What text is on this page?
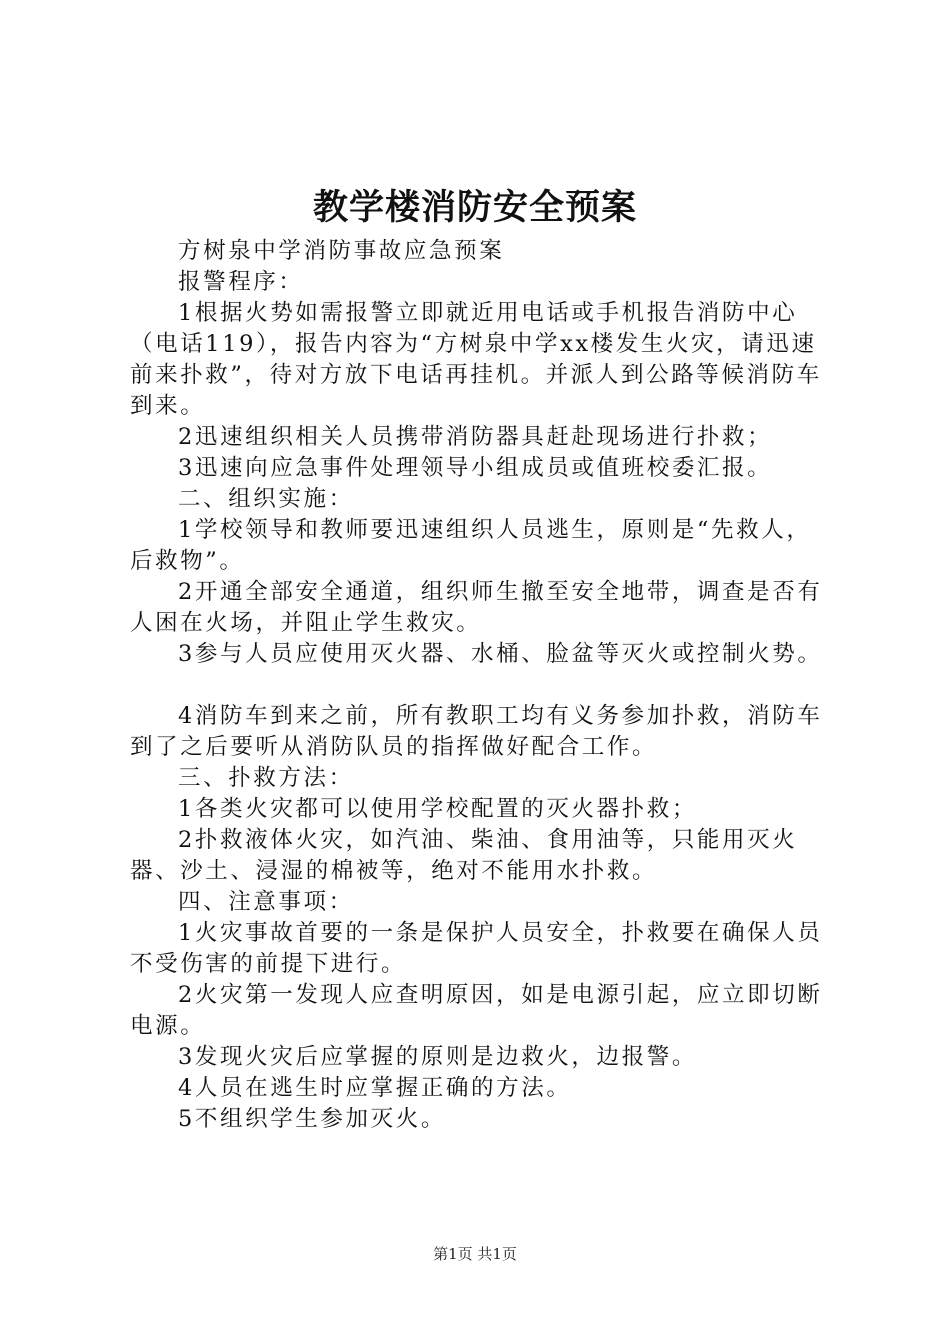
教学楼消防安全预案

方树泉中学消防事故应急预案

报警程序：

1根据火势如需报警立即就近用电话或手机报告消防中心（电话119），报告内容为“方树泉中学xx楼发生火灾，请迅速前来扑救”，待对方放下电话再挂机。并派人到公路等候消防车到来。

2迅速组织相关人员携带消防器具赶赴现场进行扑救；

3迅速向应急事件处理领导小组成员或值班校委汇报。

二、组织实施：

1学校领导和教师要迅速组织人员逃生，原则是“先救人，后救物”。

2开通全部安全通道，组织师生撤至安全地带，调查是否有人困在火场，并阻止学生救灾。

3参与人员应使用灭火器、水桶、脸盆等灭火或控制火势。

4消防车到来之前，所有教职工均有义务参加扑救，消防车到了之后要听从消防队员的指挥做好配合工作。

三、扑救方法：

1各类火灾都可以使用学校配置的灭火器扑救；

2扑救液体火灾，如汽油、柴油、食用油等，只能用灭火器、沙土、浸湿的棉被等，绝对不能用水扑救。

四、注意事项：

1火灾事故首要的一条是保护人员安全，扑救要在确保人员不受伤害的前提下进行。

2火灾第一发现人应查明原因，如是电源引起，应立即切断电源。

3发现火灾后应掌握的原则是边救火，边报警。

4人员在逃生时应掌握正确的方法。

5不组织学生参加灭火。

第1页 共1页
